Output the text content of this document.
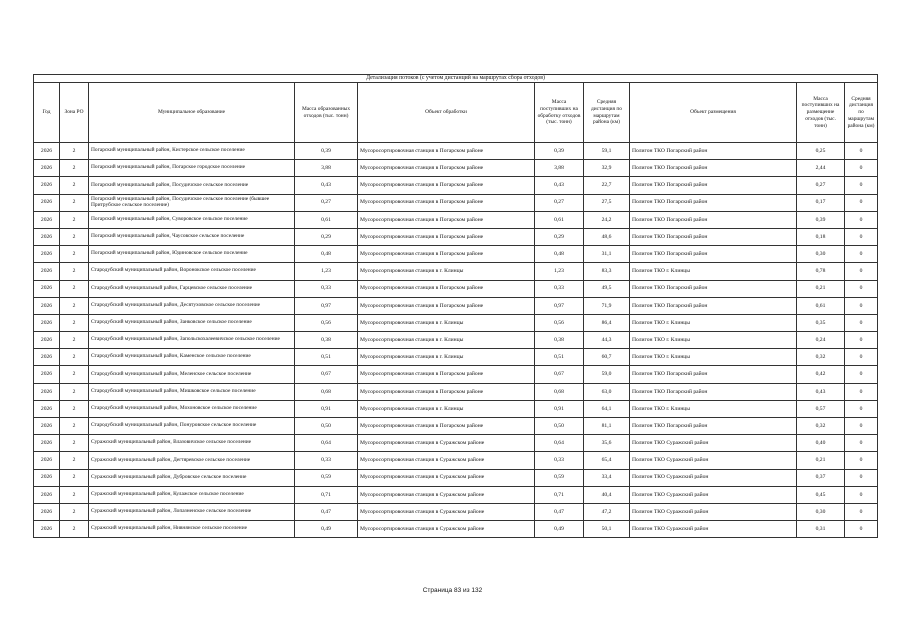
Детализация потоков (с учетом дистанций на маршрутах сбора отходов)									
Год	Зона РО	Муниципальное образование	Масса образованных отходов (тыс. тонн)	Объект обработки	Масса поступивших на обработку отходов (тыс. тонн)	Средняя дистанция по маршрутам района (км)	Объект размещения	Масса поступивших на размещение отходов (тыс. тонн)	Средняя дистанция по маршрутам района (км)
2026	2	Погарский муниципальный район, Кистерское сельское поселение	0,39	Мусоросортировочная станция в Погарском районе	0,39	59,1	Полигон ТКО Погарский район	0,25	0
2026	2	Погарский муниципальный район, Погарское городское поселение	3,88	Мусоросортировочная станция в Погарском районе	3,88	32,9	Полигон ТКО Погарский район	2,44	0
2026	2	Погарский муниципальный район, Посудичское сельское поселение	0,43	Мусоросортировочная станция в Погарском районе	0,43	22,7	Полигон ТКО Погарский район	0,27	0
2026	2	Погарский муниципальный район, Посудичское сельское поселение (бывшее Притрубское сельское поселение)	0,27	Мусоросортировочная станция в Погарском районе	0,27	27,5	Полигон ТКО Погарский район	0,17	0
2026	2	Погарский муниципальный район, Суворовское сельское поселение	0,61	Мусоросортировочная станция в Погарском районе	0,61	24,2	Полигон ТКО Погарский район	0,39	0
2026	2	Погарский муниципальный район, Чаусовское сельское поселение	0,29	Мусоросортировочная станция в Погарском районе	0,29	48,6	Полигон ТКО Погарский район	0,18	0
2026	2	Погарский муниципальный район, Юдиновское сельское поселение	0,48	Мусоросортировочная станция в Погарском районе	0,48	31,1	Полигон ТКО Погарский район	0,30	0
2026	2	Стародубский муниципальный район, Воронокское сельское поселение	1,23	Мусоросортировочная станция в г. Клинцы	1,23	83,3	Полигон ТКО г. Клинцы	0,78	0
2026	2	Стародубский муниципальный район, Гарцевское сельское поселение	0,33	Мусоросортировочная станция в Погарском районе	0,33	49,5	Полигон ТКО Погарский район	0,21	0
2026	2	Стародубский муниципальный район, Десятуховское сельское поселение	0,97	Мусоросортировочная станция в Погарском районе	0,97	71,9	Полигон ТКО Погарский район	0,61	0
2026	2	Стародубский муниципальный район, Занковское сельское поселение	0,56	Мусоросортировочная станция в г. Клинцы	0,56	86,4	Полигон ТКО г. Клинцы	0,35	0
2026	2	Стародубский муниципальный район, Запольскохалеевичское сельское поселение	0,38	Мусоросортировочная станция в г. Клинцы	0,38	44,3	Полигон ТКО г. Клинцы	0,24	0
2026	2	Стародубский муниципальный район, Каменское сельское поселение	0,51	Мусоросортировочная станция в г. Клинцы	0,51	60,7	Полигон ТКО г. Клинцы	0,32	0
2026	2	Стародубский муниципальный район, Меленское сельское поселение	0,67	Мусоросортировочная станция в Погарском районе	0,67	59,0	Полигон ТКО Погарский район	0,42	0
2026	2	Стародубский муниципальный район, Мишковское сельское поселение	0,68	Мусоросортировочная станция в Погарском районе	0,68	63,0	Полигон ТКО Погарский район	0,43	0
2026	2	Стародубский муниципальный район, Мохоновское сельское поселение	0,91	Мусоросортировочная станция в г. Клинцы	0,91	64,1	Полигон ТКО г. Клинцы	0,57	0
2026	2	Стародубский муниципальный район, Понуровское сельское поселение	0,50	Мусоросортировочная станция в Погарском районе	0,50	81,1	Полигон ТКО Погарский район	0,32	0
2026	2	Суражский муниципальный район, Влазовичское сельское поселение	0,64	Мусоросортировочная станция в Суражском районе	0,64	35,6	Полигон ТКО Суражский район	0,40	0
2026	2	Суражский муниципальный район, Дегтяревское сельское поселение	0,33	Мусоросортировочная станция в Суражском районе	0,33	65,4	Полигон ТКО Суражский район	0,21	0
2026	2	Суражский муниципальный район, Дубровское сельское поселение	0,59	Мусоросортировочная станция в Суражском районе	0,59	33,4	Полигон ТКО Суражский район	0,37	0
2026	2	Суражский муниципальный район, Кулажское сельское поселение	0,71	Мусоросортировочная станция в Суражском районе	0,71	40,4	Полигон ТКО Суражский район	0,45	0
2026	2	Суражский муниципальный район, Лопазненское сельское поселение	0,47	Мусоросортировочная станция в Суражском районе	0,47	47,2	Полигон ТКО Суражский район	0,30	0
2026	2	Суражский муниципальный район, Нивнянское сельское поселение	0,49	Мусоросортировочная станция в Суражском районе	0,49	50,1	Полигон ТКО Суражский район	0,31	0
Страница 83 из 132
